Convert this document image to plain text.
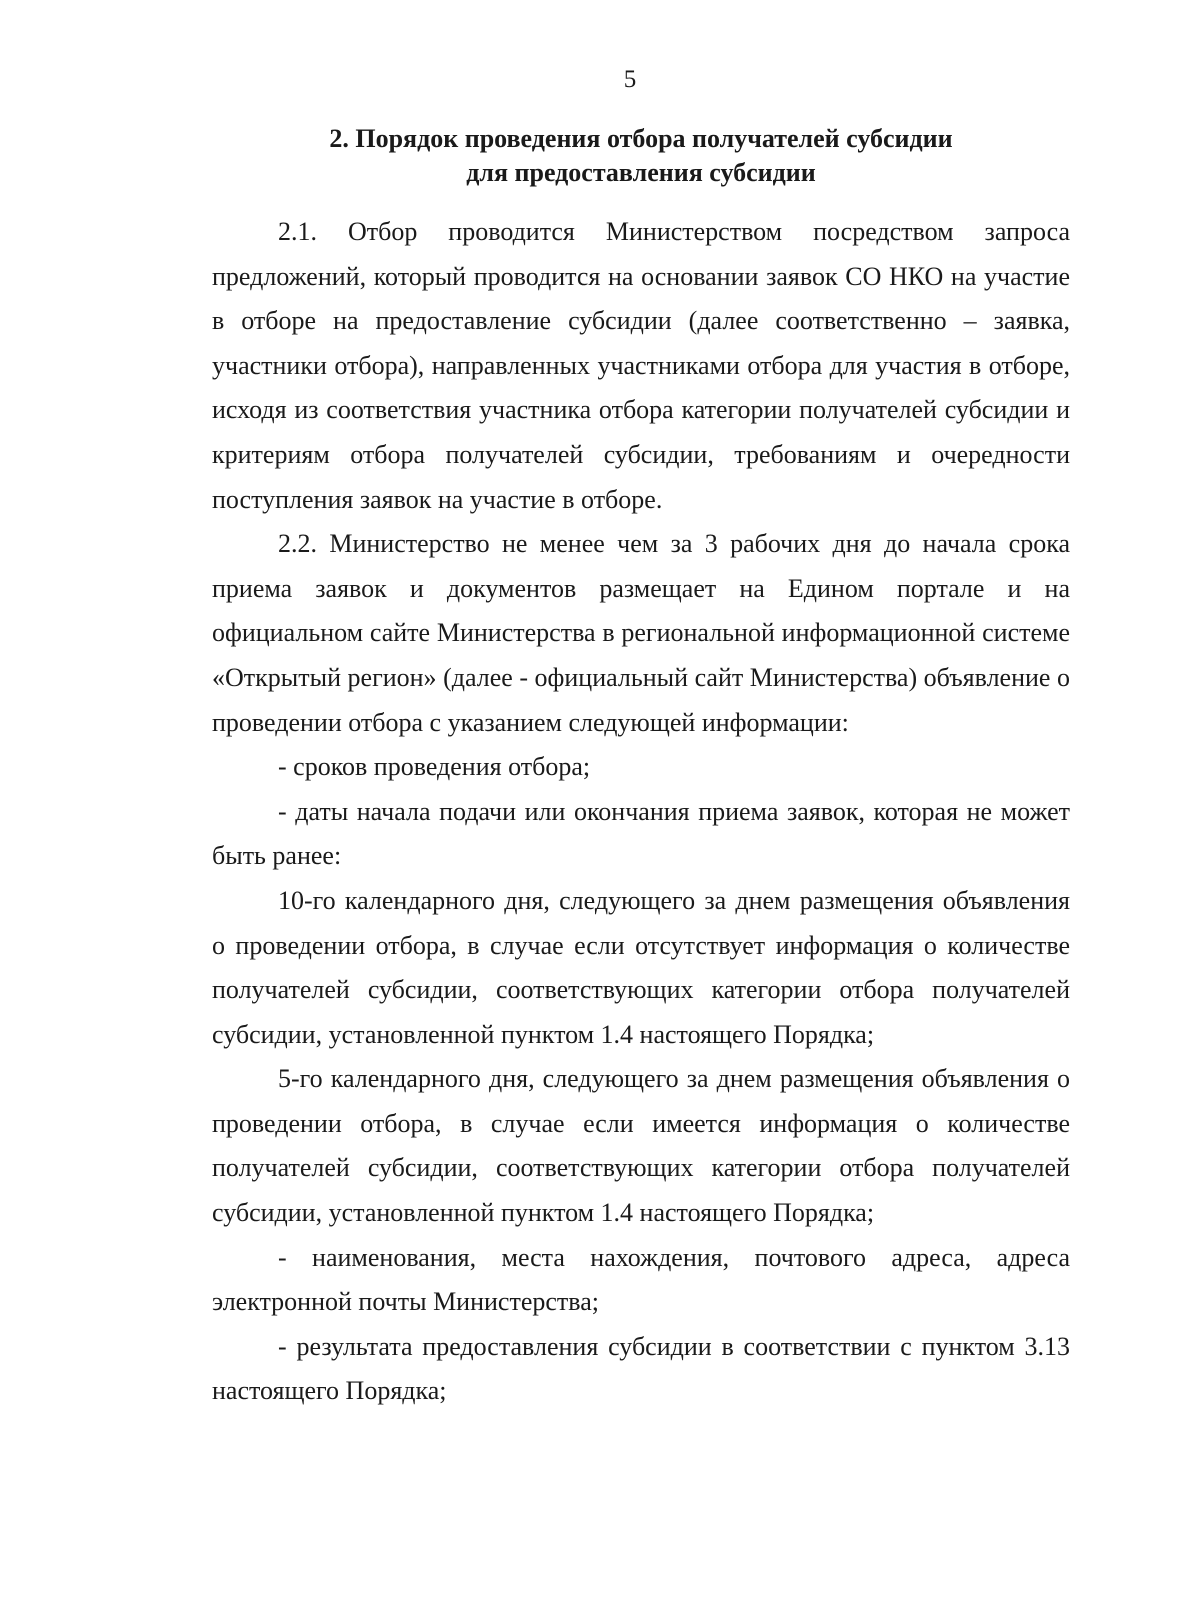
5
2. Порядок проведения отбора получателей субсидии
для предоставления субсидии

2.1. Отбор проводится Министерством посредством запроса предложений, который проводится на основании заявок СО НКО на участие в отборе на предоставление субсидии (далее соответственно – заявка, участники отбора), направленных участниками отбора для участия в отборе, исходя из соответствия участника отбора категории получателей субсидии и критериям отбора получателей субсидии, требованиям и очередности поступления заявок на участие в отборе.

2.2. Министерство не менее чем за 3 рабочих дня до начала срока приема заявок и документов размещает на Едином портале и на официальном сайте Министерства в региональной информационной системе «Открытый регион» (далее - официальный сайт Министерства) объявление о проведении отбора с указанием следующей информации:

- сроков проведения отбора;

- даты начала подачи или окончания приема заявок, которая не может быть ранее:

10-го календарного дня, следующего за днем размещения объявления о проведении отбора, в случае если отсутствует информация о количестве получателей субсидии, соответствующих категории отбора получателей субсидии, установленной пунктом 1.4 настоящего Порядка;

5-го календарного дня, следующего за днем размещения объявления о проведении отбора, в случае если имеется информация о количестве получателей субсидии, соответствующих категории отбора получателей субсидии, установленной пунктом 1.4 настоящего Порядка;

- наименования, места нахождения, почтового адреса, адреса электронной почты Министерства;

- результата предоставления субсидии в соответствии с пунктом 3.13 настоящего Порядка;
